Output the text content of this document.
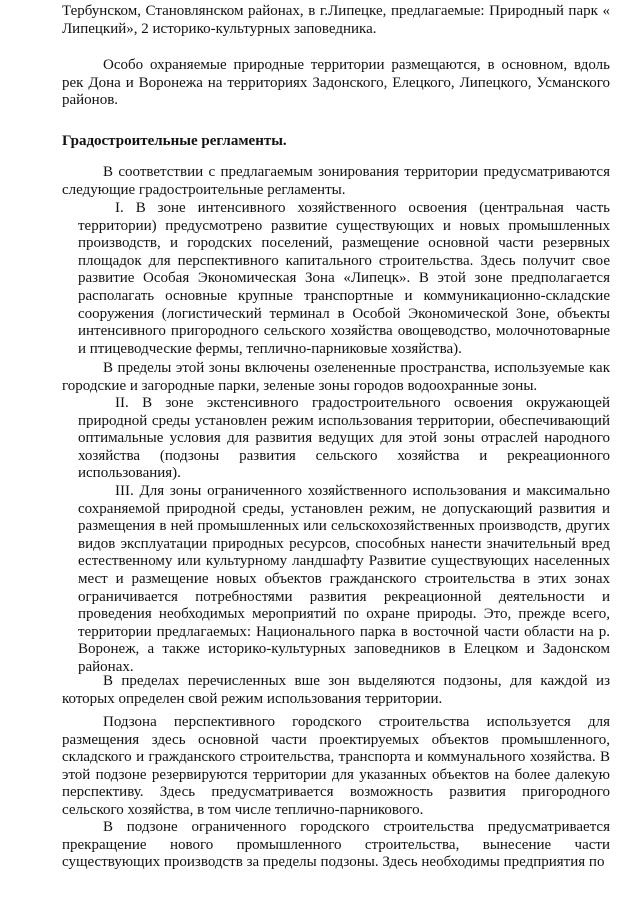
Тербунском, Становлянском районах, в г.Липецке, предлагаемые: Природный парк « Липецкий», 2 историко-культурных заповедника.

Особо охраняемые природные территории размещаются, в основном, вдоль рек Дона и Воронежа на территориях Задонского, Елецкого, Липецкого, Усманского районов.

Градостроительные регламенты.

В соответствии с предлагаемым зонирования территории предусматриваются следующие градостроительные регламенты.

I. В зоне интенсивного хозяйственного освоения (центральная часть территории) предусмотрено развитие существующих и новых промышленных производств, и городских поселений, размещение основной части резервных площадок для перспективного капитального строительства. Здесь получит свое развитие Особая Экономическая Зона «Липецк». В этой зоне предполагается располагать основные крупные транспортные и коммуникационно-складские сооружения (логистический терминал в Особой Экономической Зоне, объекты интенсивного пригородного сельского хозяйства овощеводство, молочнотоварные и птицеводческие фермы, теплично-парниковые хозяйства).

В пределы этой зоны включены озелененные пространства, используемые как городские и загородные парки, зеленые зоны городов водоохранные зоны.

II. В зоне экстенсивного градостроительного освоения окружающей природной среды установлен режим использования территории, обеспечивающий оптимальные условия для развития ведущих для этой зоны отраслей народного хозяйства (подзоны развития сельского хозяйства и рекреационного использования).

III. Для зоны ограниченного хозяйственного использования и максимально сохраняемой природной среды, установлен режим, не допускающий развития и размещения в ней промышленных или сельскохозяйственных производств, других видов эксплуатации природных ресурсов, способных нанести значительный вред естественному или культурному ландшафту Развитие существующих населенных мест и размещение новых объектов гражданского строительства в этих зонах ограничивается потребностями развития рекреационной деятельности и проведения необходимых мероприятий по охране природы. Это, прежде всего, территории предлагаемых: Национального парка в восточной части области на р. Воронеж, а также историко-культурных заповедников в Елецком и Задонском районах.

В пределах перечисленных вше зон выделяются подзоны, для каждой из которых определен свой режим использования территории.

Подзона перспективного городского строительства используется для размещения здесь основной части проектируемых объектов промышленного, складского и гражданского строительства, транспорта и коммунального хозяйства. В этой подзоне резервируются территории для указанных объектов на более далекую перспективу. Здесь предусматривается возможность развития пригородного сельского хозяйства, в том числе теплично-парникового.

В подзоне ограниченного городского строительства предусматривается прекращение нового промышленного строительства, вынесение части существующих производств за пределы подзоны. Здесь необходимы предприятия по
